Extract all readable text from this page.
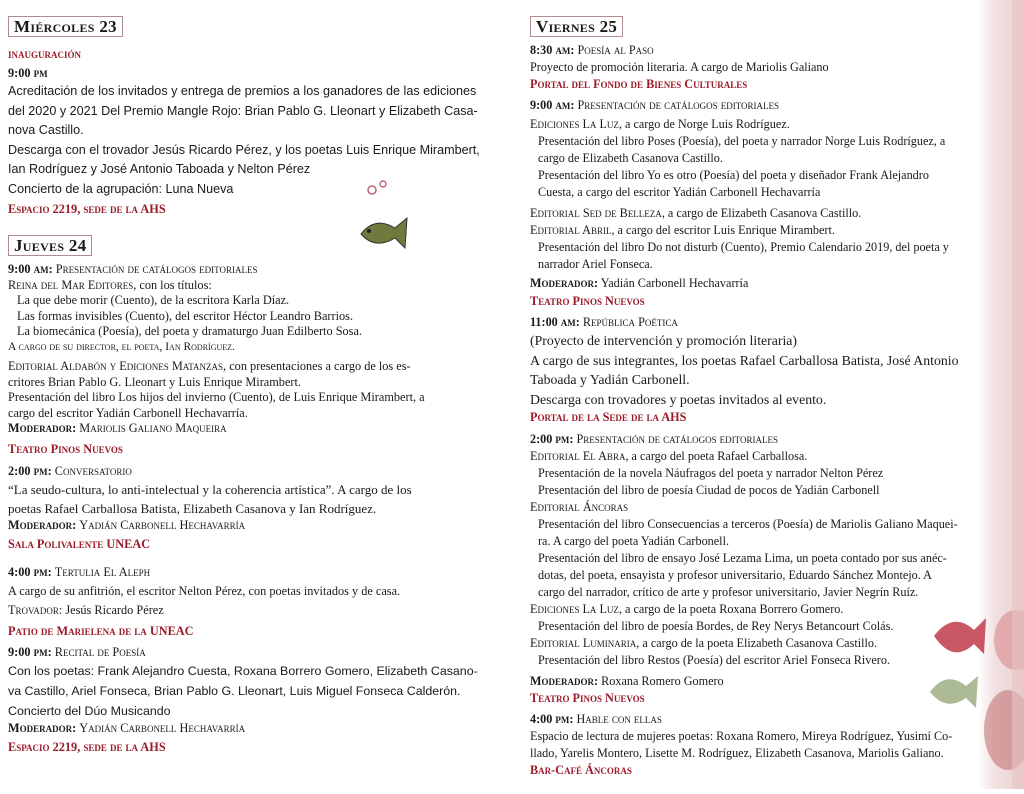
Miércoles 23
inauguración
9:00 pm
Acreditación de los invitados y entrega de premios a los ganadores de las ediciones
del 2020 y 2021 Del Premio Mangle Rojo: Brian Pablo G. Lleonart y Elizabeth Casa-
nova Castillo.
Descarga con el trovador Jesús Ricardo Pérez, y los poetas Luis Enrique Mirambert,
Ian Rodríguez y José Antonio Taboada y Nelton Pérez
Concierto de la agrupación: Luna Nueva
Espacio 2219, sede de la AHS
Jueves 24
9:00 am: Presentación de catálogos editoriales
Reina del Mar Editores, con los títulos:
La que debe morir (Cuento), de la escritora Karla Díaz.
Las formas invisibles (Cuento), del escritor Héctor Leandro Barrios.
La biomecánica (Poesía), del poeta y dramaturgo Juan Edilberto Sosa.
A cargo de su director, el poeta, Ian Rodríguez.
Editorial Aldabón y Ediciones Matanzas, con presentaciones a cargo de los es-
critores Brian Pablo G. Lleonart y Luis Enrique Mirambert.
Presentación del libro Los hijos del invierno (Cuento), de Luis Enrique Mirambert, a
cargo del escritor Yadián Carbonell Hechavarría.
Moderador: Mariolis Galiano Maqueira
Teatro Pinos Nuevos
2:00 pm: Conversatorio
“La seudo-cultura, lo anti-intelectual y la coherencia artística”. A cargo de los
poetas Rafael Carballosa Batista, Elizabeth Casanova y Ian Rodríguez.
Moderador: Yadián Carbonell Hechavarría
Sala Polivalente UNEAC
4:00 pm: Tertulia El Aleph
A cargo de su anfitrión, el escritor Nelton Pérez, con poetas invitados y de casa.
Trovador: Jesús Ricardo Pérez
Patio de Marielena de la UNEAC
9:00 pm: Recital de Poesía
Con los poetas: Frank Alejandro Cuesta, Roxana Borrero Gomero, Elizabeth Casano-
va Castillo, Ariel Fonseca, Brian Pablo G. Lleonart, Luis Miguel Fonseca Calderón.
Concierto del Dúo Musicando
Moderador: Yadián Carbonell Hechavarría
Espacio 2219, sede de la AHS
Viernes 25
8:30 am: Poesía al Paso
Proyecto de promoción literaria. A cargo de Mariolis Galiano
Portal del Fondo de Bienes Culturales
9:00 am: Presentación de catálogos editoriales
Ediciones La Luz, a cargo de Norge Luis Rodríguez.
Presentación del libro Poses (Poesía), del poeta y narrador Norge Luis Rodríguez, a
cargo de Elizabeth Casanova Castillo.
Presentación del libro Yo es otro (Poesía) del poeta y diseñador Frank Alejandro
Cuesta, a cargo del escritor Yadián Carbonell Hechavarría
Editorial Sed de Belleza, a cargo de Elizabeth Casanova Castillo.
Editorial Abril, a cargo del escritor Luis Enrique Mirambert.
Presentación del libro Do not disturb (Cuento), Premio Calendario 2019, del poeta y
narrador Ariel Fonseca.
Moderador: Yadián Carbonell Hechavarría
Teatro Pinos Nuevos
11:00 am: República Poética
(Proyecto de intervención y promoción literaria)
A cargo de sus integrantes, los poetas Rafael Carballosa Batista, José Antonio
Taboada y Yadián Carbonell.
Descarga con trovadores y poetas invitados al evento.
Portal de la Sede de la AHS
2:00 pm: Presentación de catálogos editoriales
Editorial El Abra, a cargo del poeta Rafael Carballosa.
Presentación de la novela Náufragos del poeta y narrador Nelton Pérez
Presentación del libro de poesía Ciudad de pocos de Yadián Carbonell
Editorial Áncoras
Presentación del libro Consecuencias a terceros (Poesía) de Mariolis Galiano Maquei-
ra. A cargo del poeta Yadián Carbonell.
Presentación del libro de ensayo José Lezama Lima, un poeta contado por sus anéc-
dotas, del poeta, ensayista y profesor universitario, Eduardo Sánchez Montejo. A
cargo del narrador, crítico de arte y profesor universitario, Javier Negrín Ruíz.
Ediciones La Luz, a cargo de la poeta Roxana Borrero Gomero.
Presentación del libro de poesía Bordes, de Rey Nerys Betancourt Colás.
Editorial Luminaria, a cargo de la poeta Elizabeth Casanova Castillo.
Presentación del libro Restos (Poesía) del escritor Ariel Fonseca Rivero.
Moderador: Roxana Romero Gomero
Teatro Pinos Nuevos
4:00 pm: Hable con ellas
Espacio de lectura de mujeres poetas: Roxana Romero, Mireya Rodríguez, Yusimí Co-
llado, Yarelis Montero, Lisette M. Rodríguez, Elizabeth Casanova, Mariolis Galiano.
Bar-Café Áncoras
